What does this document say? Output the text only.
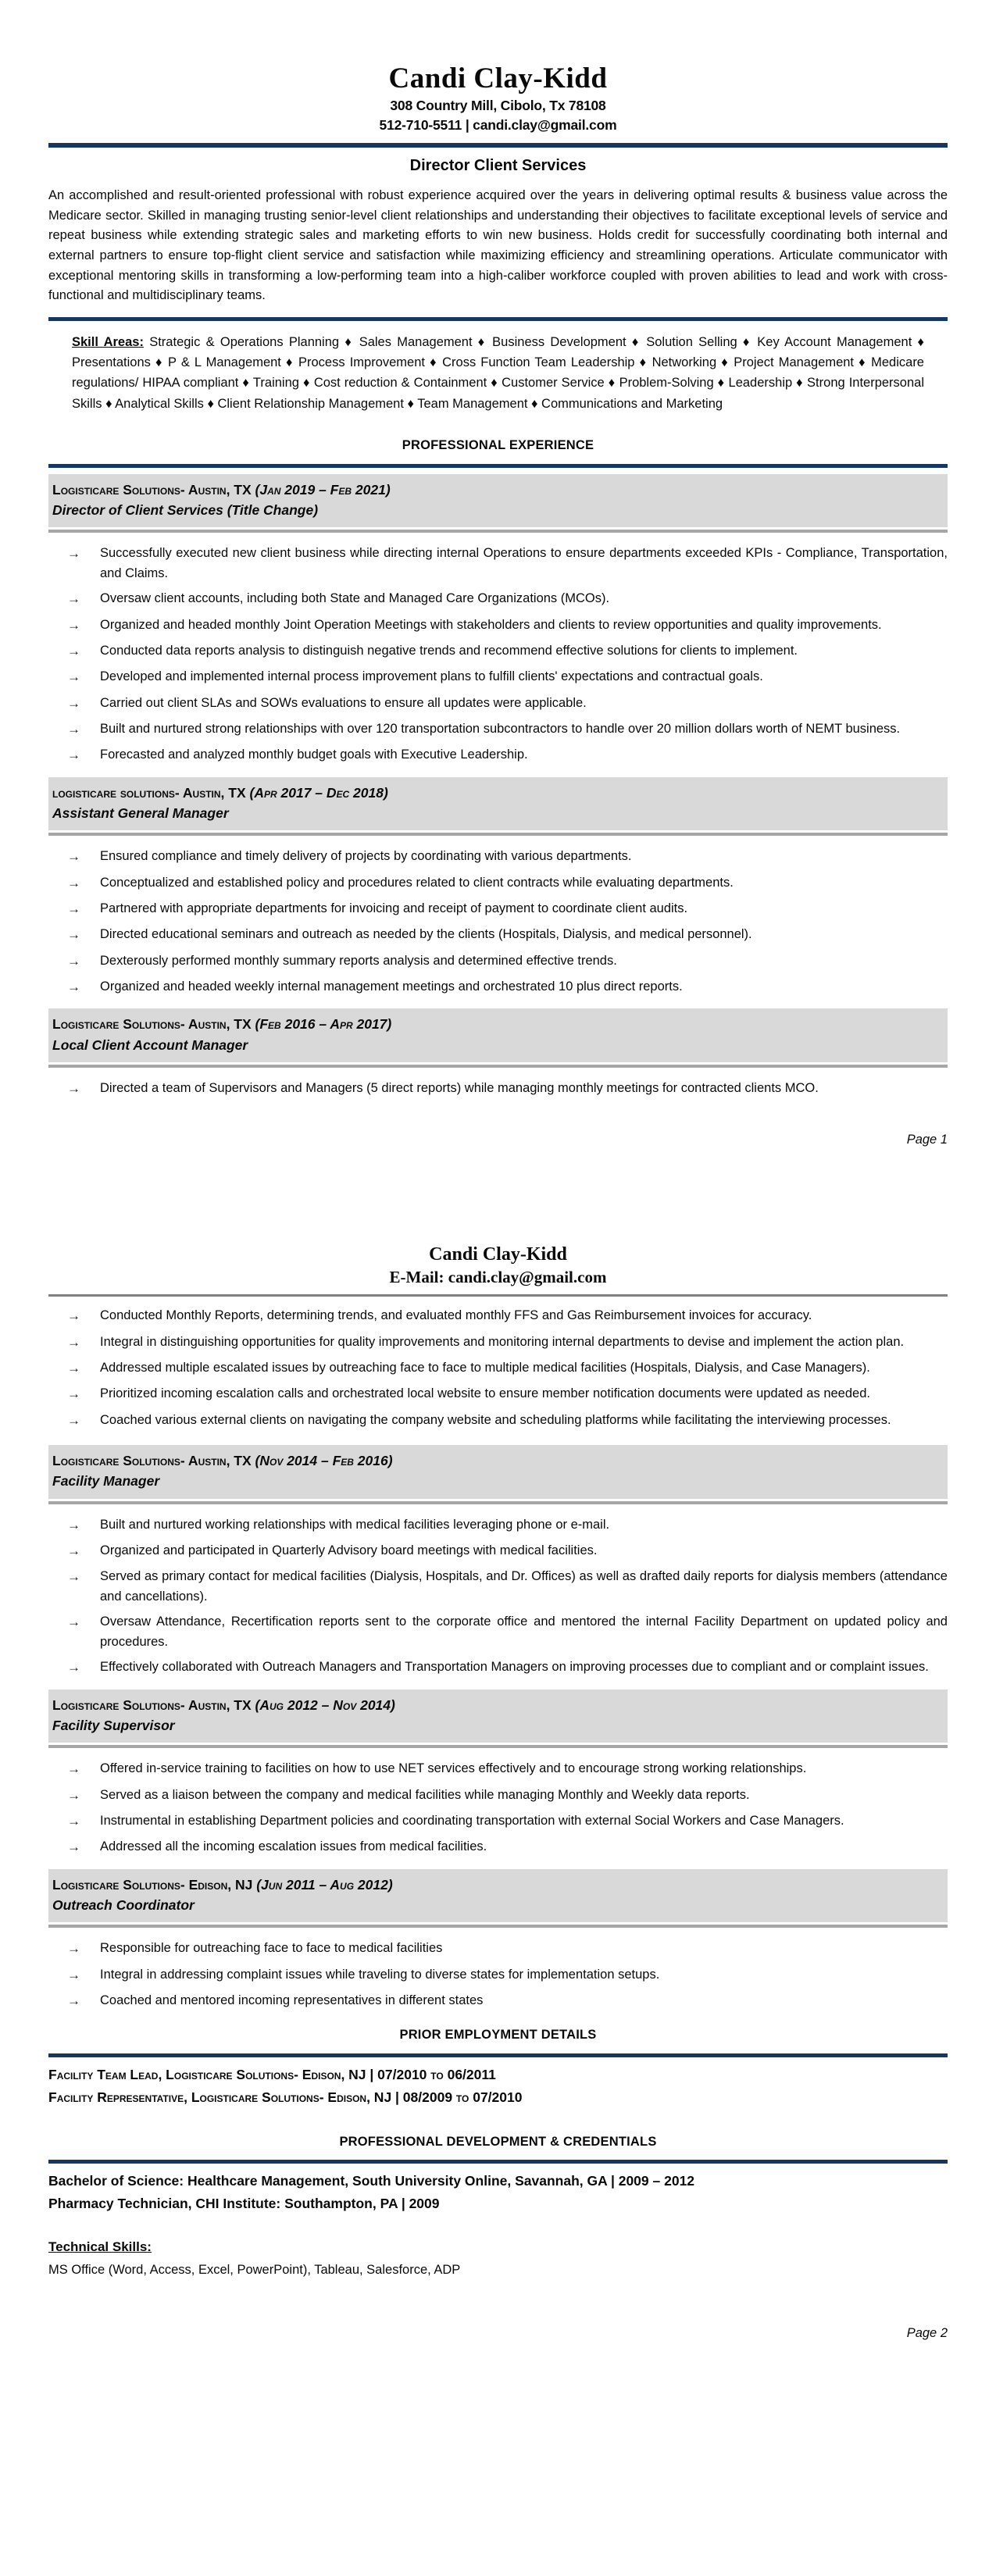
Candi Clay-Kidd
308 Country Mill, Cibolo, Tx 78108
512-710-5511 | candi.clay@gmail.com
Director Client Services

An accomplished and result-oriented professional with robust experience acquired over the years in delivering optimal results & business value across the Medicare sector. Skilled in managing trusting senior-level client relationships and understanding their objectives to facilitate exceptional levels of service and repeat business while extending strategic sales and marketing efforts to win new business. Holds credit for successfully coordinating both internal and external partners to ensure top-flight client service and satisfaction while maximizing efficiency and streamlining operations. Articulate communicator with exceptional mentoring skills in transforming a low-performing team into a high-caliber workforce coupled with proven abilities to lead and work with cross-functional and multidisciplinary teams.

Skill Areas: Strategic & Operations Planning ♦ Sales Management ♦ Business Development ♦ Solution Selling ♦ Key Account Management ♦ Presentations ♦ P & L Management ♦ Process Improvement ♦ Cross Function Team Leadership ♦ Networking ♦ Project Management ♦ Medicare regulations/ HIPAA compliant ♦ Training ♦ Cost reduction & Containment ♦ Customer Service ♦ Problem-Solving ♦ Leadership ♦ Strong Interpersonal Skills ♦ Analytical Skills ♦ Client Relationship Management ♦ Team Management ♦ Communications and Marketing

PROFESSIONAL EXPERIENCE
Logisticare Solutions- Austin, TX (Jan 2019 – Feb 2021)
Director of Client Services (Title Change)
→	Successfully executed new client business while directing internal Operations to ensure departments exceeded KPIs - Compliance, Transportation, and Claims.
→	Oversaw client accounts, including both State and Managed Care Organizations (MCOs).
→	Organized and headed monthly Joint Operation Meetings with stakeholders and clients to review opportunities and quality improvements.
→	Conducted data reports analysis to distinguish negative trends and recommend effective solutions for clients to implement.
→	Developed and implemented internal process improvement plans to fulfill clients' expectations and contractual goals.
→	Carried out client SLAs and SOWs evaluations to ensure all updates were applicable.
→	Built and nurtured strong relationships with over 120 transportation subcontractors to handle over 20 million dollars worth of NEMT business.
→	Forecasted and analyzed monthly budget goals with Executive Leadership.
logisticare solutions- Austin, TX (Apr 2017 – Dec 2018)
Assistant General Manager
→	Ensured compliance and timely delivery of projects by coordinating with various departments.
→	Conceptualized and established policy and procedures related to client contracts while evaluating departments.
→	Partnered with appropriate departments for invoicing and receipt of payment to coordinate client audits.
→	Directed educational seminars and outreach as needed by the clients (Hospitals, Dialysis, and medical personnel).
→	Dexterously performed monthly summary reports analysis and determined effective trends.
→	Organized and headed weekly internal management meetings and orchestrated 10 plus direct reports.
Logisticare Solutions- Austin, TX (Feb 2016 – Apr 2017)
Local Client Account Manager
→	Directed a team of Supervisors and Managers (5 direct reports) while managing monthly meetings for contracted clients MCO.
Page 1
Candi Clay-Kidd
E-Mail: candi.clay@gmail.com
→	Conducted Monthly Reports, determining trends, and evaluated monthly FFS and Gas Reimbursement invoices for accuracy.
→	Integral in distinguishing opportunities for quality improvements and monitoring internal departments to devise and implement the action plan.
→	Addressed multiple escalated issues by outreaching face to face to multiple medical facilities (Hospitals, Dialysis, and Case Managers).
→	Prioritized incoming escalation calls and orchestrated local website to ensure member notification documents were updated as needed.
→	Coached various external clients on navigating the company website and scheduling platforms while facilitating the interviewing processes.
Logisticare Solutions- Austin, TX (Nov 2014 – Feb 2016)
Facility Manager
→	Built and nurtured working relationships with medical facilities leveraging phone or e-mail.
→	Organized and participated in Quarterly Advisory board meetings with medical facilities.
→	Served as primary contact for medical facilities (Dialysis, Hospitals, and Dr. Offices) as well as drafted daily reports for dialysis members (attendance and cancellations).
→	Oversaw Attendance, Recertification reports sent to the corporate office and mentored the internal Facility Department on updated policy and procedures.
→	Effectively collaborated with Outreach Managers and Transportation Managers on improving processes due to compliant and or complaint issues.
Logisticare Solutions- Austin, TX (Aug 2012 – Nov 2014)
Facility Supervisor
→	Offered in-service training to facilities on how to use NET services effectively and to encourage strong working relationships.
→	Served as a liaison between the company and medical facilities while managing Monthly and Weekly data reports.
→	Instrumental in establishing Department policies and coordinating transportation with external Social Workers and Case Managers.
→	Addressed all the incoming escalation issues from medical facilities.
Logisticare Solutions- Edison, NJ (Jun 2011 – Aug 2012)
Outreach Coordinator
→	Responsible for outreaching face to face to medical facilities
→	Integral in addressing complaint issues while traveling to diverse states for implementation setups.
→	Coached and mentored incoming representatives in different states
PRIOR EMPLOYMENT DETAILS
Facility Team Lead, Logisticare Solutions- Edison, NJ | 07/2010 to 06/2011
Facility Representative, Logisticare Solutions- Edison, NJ | 08/2009 to 07/2010
PROFESSIONAL DEVELOPMENT & CREDENTIALS
Bachelor of Science: Healthcare Management, South University Online, Savannah, GA | 2009 – 2012
Pharmacy Technician, CHI Institute: Southampton, PA | 2009
Technical Skills:
MS Office (Word, Access, Excel, PowerPoint), Tableau, Salesforce, ADP
Page 2
